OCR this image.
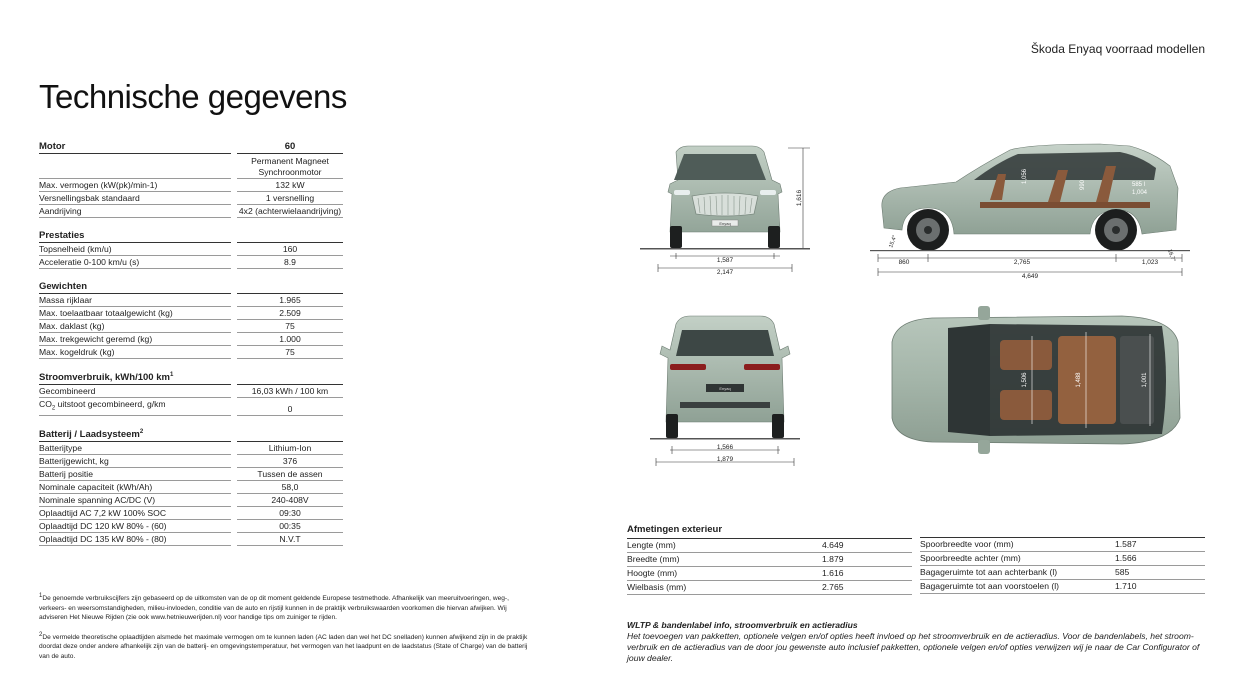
Škoda Enyaq voorraad modellen
Technische gegevens
Motor		60
		Permanent Magneet
Synchroonmotor
Max. vermogen (kW(pk)/min-1)		132 kW
Versnellingsbak standaard		1 versnelling
Aandrijving		4x2 (achterwielaandrijving)

Prestaties		
Topsnelheid (km/u)		160
Acceleratie 0-100 km/u (s)		8.9

Gewichten		
Massa rijklaar		1.965
Max. toelaatbaar totaalgewicht (kg)		2.509
Max. daklast (kg)		75
Max. trekgewicht geremd (kg)		1.000
Max. kogeldruk (kg)		75

Stroomverbruik, kWh/100 $km^1$		
Gecombineerd		16,03 kWh / 100 km
$CO_2$ uitstoot gecombineerd, g/km		0

Batterij / Laadsysteem$^2$		
Batterijtype		Lithium-Ion
Batterijgewicht, kg		376
Batterij positie		Tussen de assen
Nominale capaciteit (kWh/Ah)		58,0
Nominale spanning AC/DC (V)		240-408V
Oplaadtijd AC 7,2 kW 100% SOC		09:30
Oplaadtijd DC 120 kW 80% - (60)		00:35
Oplaadtijd DC 135 kW 80% - (80)		N.V.T

$^1$De genoemde verbruikscijfers zijn gebaseerd op de uitkomsten van de op dit moment geldende Europese testmethode. Afhankelijk van meeruitvoeringen, weg-, verkeers- en weersomstandigheden, milieu-invloeden, conditie van de auto en rijstijl kunnen in de praktijk verbruikswaarden voorkomen die hiervan afwijken. Wij adviseren Het Nieuwe Rijden (zie ook www.hetnieuwerijden.nl) voor handige tips om zuiniger te rijden.

$^2$De vermelde theoretische oplaadtijden alsmede het maximale vermogen om te kunnen laden (AC laden dan wel het DC snelladen) kunnen afwijkend zijn in de praktijk doordat deze onder andere afhankelijk zijn van de batterij- en omgevingstemperatuur, het vermogen van het laadpunt en de laadstatus (State of Charge) van de batterij van de auto.

Enyaq
1,616
1,587
2,147
1,056
990	585 l
1,004
15,4°
16,7°
860	2,765	1,023
4,649
Enyaq
1,566
1,879
1,506	1,488	1,001
Afmetingen exterieur
Lengte (mm)	4.649
Breedte (mm)	1.879
Hoogte (mm)	1.616
Wielbasis (mm)	2.765
Spoorbreedte voor (mm)	1.587
Spoorbreedte achter (mm)	1.566
Bagageruimte tot aan achterbank (l)	585
Bagageruimte tot aan voorstoelen (l)	1.710
WLTP & bandenlabel info, stroomverbruik en actieradius
Het toevoegen van pakketten, optionele velgen en/of opties heeft invloed op het stroomverbruik en de actieradius. Voor de bandenlabels, het stroom-verbruik en de actieradius van de door jou gewenste auto inclusief pakketten, optionele velgen en/of opties verwijzen wij je naar de Car Configurator of jouw dealer.
